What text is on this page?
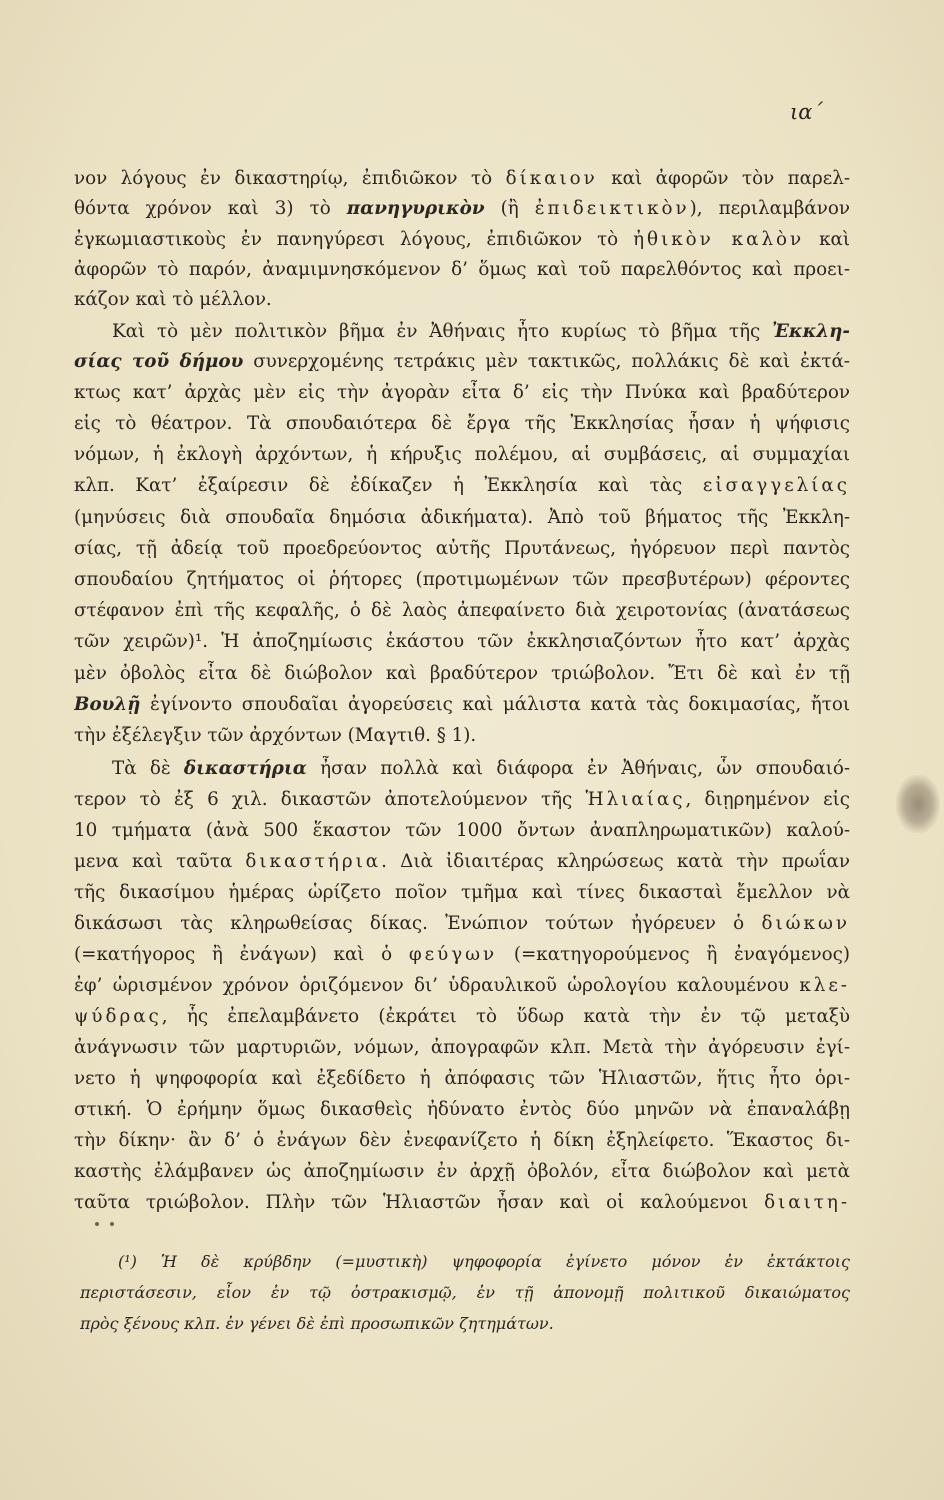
ια΄
νον λόγους ἐν δικαστηρίῳ, ἐπιδιῶκον τὸ δίκαιον καὶ ἀφορῶν τὸν παρελ-
θόντα χρόνον καὶ 3) τὸ πανηγυρικὸν (ἢ ἐπιδεικτικὸν), περιλαμβάνον
ἐγκωμιαστικοὺς ἐν πανηγύρεσι λόγους, ἐπιδιῶκον τὸ ἠθικὸν καλὸν καὶ
ἀφορῶν τὸ παρόν, ἀναμιμνησκόμενον δ’ ὅμως καὶ τοῦ παρελθόντος καὶ προει-
κάζον καὶ τὸ μέλλον.
Καὶ τὸ μὲν πολιτικὸν βῆμα ἐν Ἀθήναις ἦτο κυρίως τὸ βῆμα τῆς Ἐκκλη-
σίας τοῦ δήμου συνερχομένης τετράκις μὲν τακτικῶς, πολλάκις δὲ καὶ ἐκτά-
κτως κατ’ ἀρχὰς μὲν εἰς τὴν ἀγορὰν εἶτα δ’ εἰς τὴν Πνύκα καὶ βραδύτερον
εἰς τὸ θέατρον. Τὰ σπουδαιότερα δὲ ἔργα τῆς Ἐκκλησίας ἦσαν ἡ ψήφισις
νόμων, ἡ ἐκλογὴ ἀρχόντων, ἡ κήρυξις πολέμου, αἱ συμβάσεις, αἱ συμμαχίαι
κλπ. Κατ’ ἐξαίρεσιν δὲ ἐδίκαζεν ἡ Ἐκκλησία καὶ τὰς εἰσαγγελίας
(μηνύσεις διὰ σπουδαῖα δημόσια ἀδικήματα). Ἀπὸ τοῦ βήματος τῆς Ἐκκλη-
σίας, τῇ ἀδείᾳ τοῦ προεδρεύοντος αὐτῆς Πρυτάνεως, ἠγόρευον περὶ παντὸς
σπουδαίου ζητήματος οἱ ῥήτορες (προτιμωμένων τῶν πρεσβυτέρων) φέροντες
στέφανον ἐπὶ τῆς κεφαλῆς, ὁ δὲ λαὸς ἀπεφαίνετο διὰ χειροτονίας (ἀνατάσεως
τῶν χειρῶν)¹. Ἡ ἀποζημίωσις ἑκάστου τῶν ἐκκλησιαζόντων ἦτο κατ’ ἀρχὰς
μὲν ὀβολὸς εἶτα δὲ διώβολον καὶ βραδύτερον τριώβολον. Ἔτι δὲ καὶ ἐν τῇ
Βουλῇ ἐγίνοντο σπουδαῖαι ἀγορεύσεις καὶ μάλιστα κατὰ τὰς δοκιμασίας, ἤτοι
τὴν ἐξέλεγξιν τῶν ἀρχόντων (Μαγτιθ. § 1).
Τὰ δὲ δικαστήρια ἦσαν πολλὰ καὶ διάφορα ἐν Ἀθήναις, ὧν σπουδαιό-
τερον τὸ ἐξ 6 χιλ. δικαστῶν ἀποτελούμενον τῆς Ἡλιαίας, διῃρημένον εἰς
10 τμήματα (ἀνὰ 500 ἕκαστον τῶν 1000 ὄντων ἀναπληρωματικῶν) καλού-
μενα καὶ ταῦτα δικαστήρια. Διὰ ἰδιαιτέρας κληρώσεως κατὰ τὴν πρωΐαν
τῆς δικασίμου ἡμέρας ὡρίζετο ποῖον τμῆμα καὶ τίνες δικασταὶ ἔμελλον νὰ
δικάσωσι τὰς κληρωθείσας δίκας. Ἐνώπιον τούτων ἠγόρευεν ὁ διώκων
(=κατήγορος ἢ ἐνάγων) καὶ ὁ φεύγων (=κατηγορούμενος ἢ ἐναγόμενος)
ἐφ’ ὡρισμένον χρόνον ὁριζόμενον δι’ ὑδραυλικοῦ ὡρολογίου καλουμένου κλε-
ψύδρας, ἧς ἐπελαμβάνετο (ἐκράτει τὸ ὕδωρ κατὰ τὴν ἐν τῷ μεταξὺ
ἀνάγνωσιν τῶν μαρτυριῶν, νόμων, ἀπογραφῶν κλπ. Μετὰ τὴν ἀγόρευσιν ἐγί-
νετο ἡ ψηφοφορία καὶ ἐξεδίδετο ἡ ἀπόφασις τῶν Ἡλιαστῶν, ἥτις ἦτο ὁρι-
στική. Ὁ ἐρήμην ὅμως δικασθεὶς ἠδύνατο ἐντὸς δύο μηνῶν νὰ ἐπαναλάβῃ
τὴν δίκην· ἂν δ’ ὁ ἐνάγων δὲν ἐνεφανίζετο ἡ δίκη ἐξηλείφετο. Ἕκαστος δι-
καστὴς ἐλάμβανεν ὡς ἀποζημίωσιν ἐν ἀρχῇ ὀβολόν, εἶτα διώβολον καὶ μετὰ
ταῦτα τριώβολον. Πλὴν τῶν Ἡλιαστῶν ἦσαν καὶ οἱ καλούμενοι διαιτη-
(¹) Ἡ δὲ κρύβδην (=μυστικὴ) ψηφοφορία ἐγίνετο μόνον ἐν ἐκτάκτοις
περιστάσεσιν, εἶον ἐν τῷ ὀστρακισμῷ, ἐν τῇ ἀπονομῇ πολιτικοῦ δικαιώματος
πρὸς ξένους κλπ. ἐν γένει δὲ ἐπὶ προσωπικῶν ζητημάτων.
